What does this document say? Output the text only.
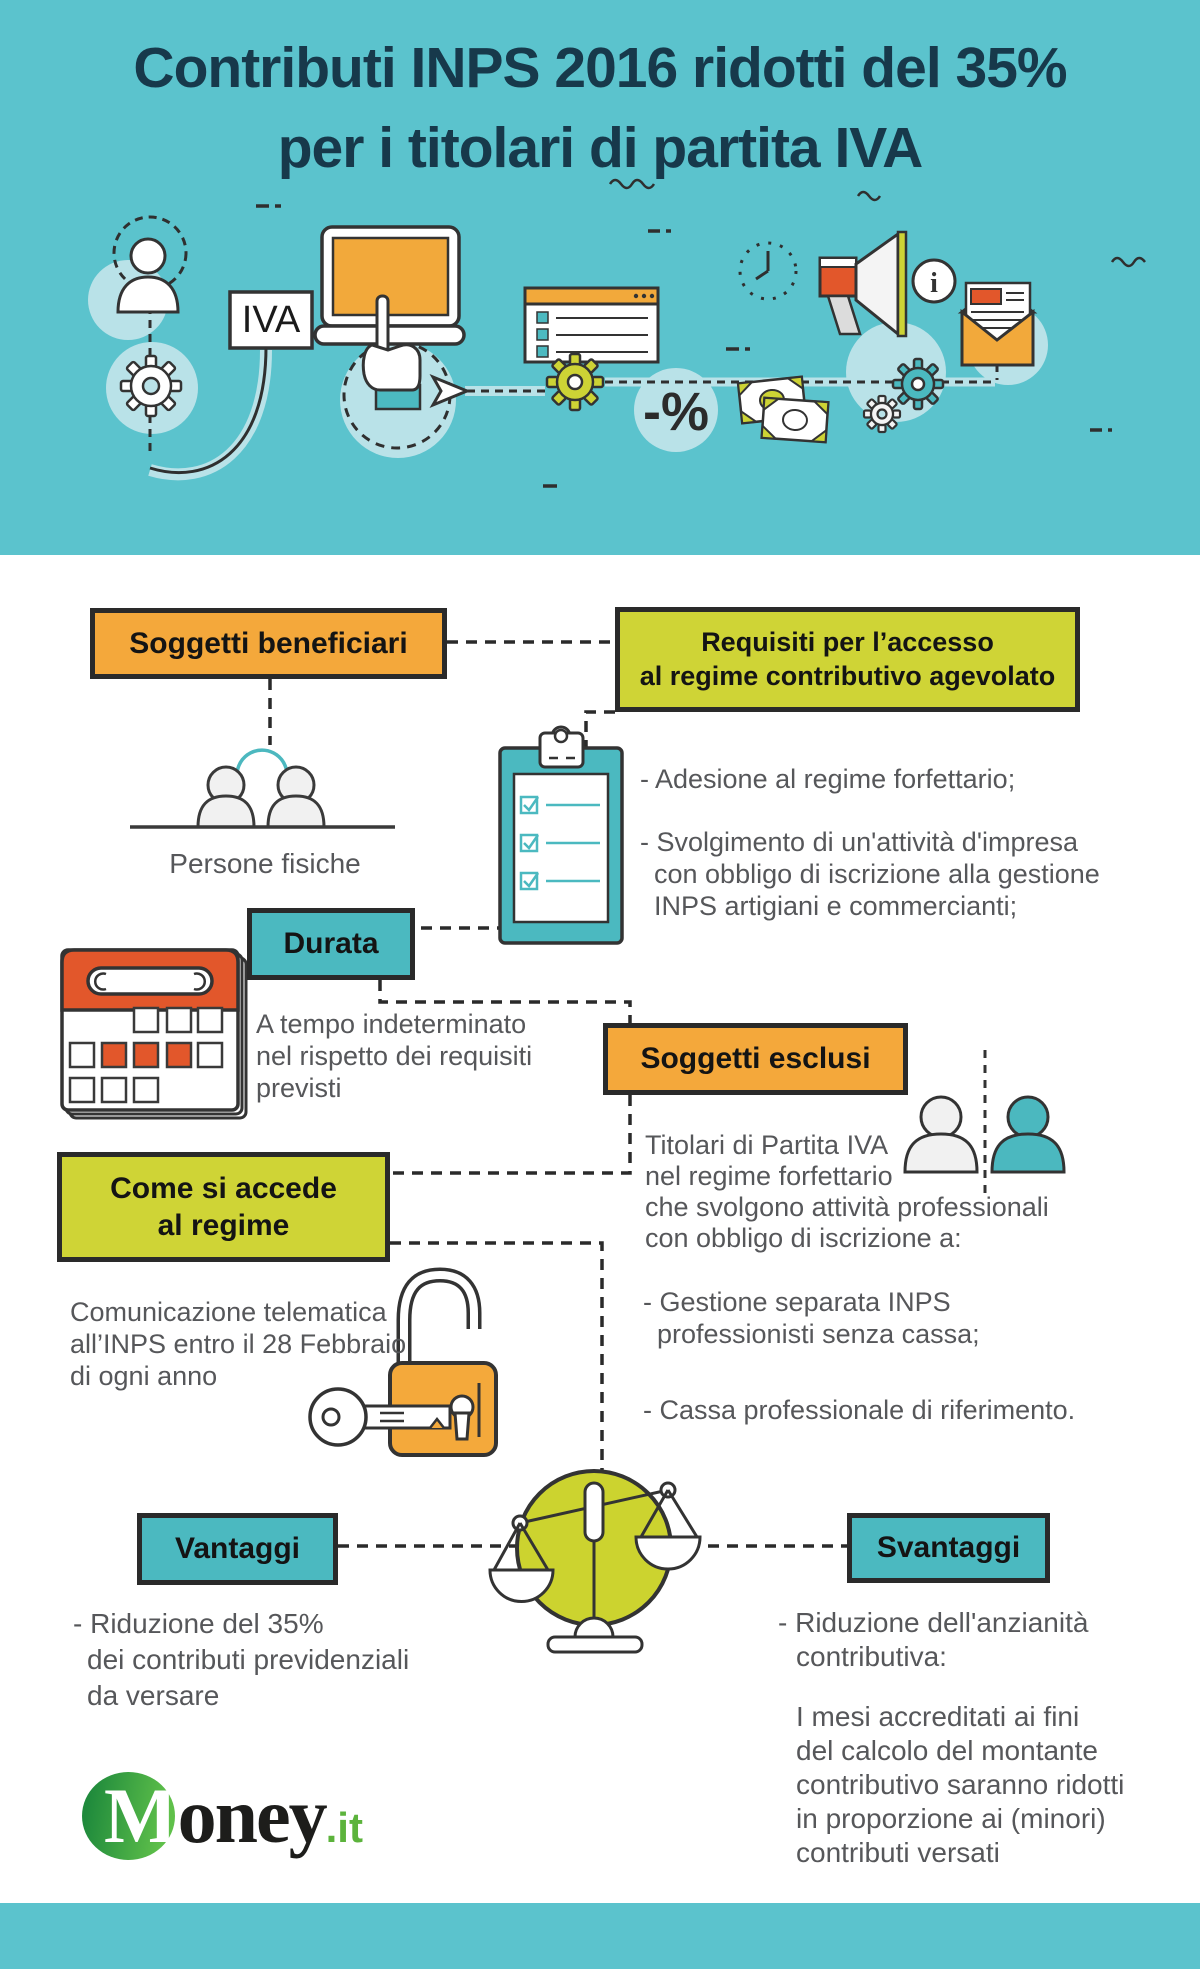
Contributi INPS 2016 ridotti del 35%
per i titolari di partita IVA
IVA
i
-%
Soggetti beneficiari	Requisiti per l’accesso
al regime contributivo agevolato
Durata
Soggetti esclusi
Come si accede
al regime
Vantaggi	Svantaggi
Persone fisiche
- Adesione al regime forfettario;
- Svolgimento di un'attività d'impresa
con obbligo di iscrizione alla gestione
INPS artigiani e commercianti;
A tempo indeterminato
nel rispetto dei requisiti
previsti
Titolari di Partita IVA
nel regime forfettario
che svolgono attività professionali
con obbligo di iscrizione a:
- Gestione separata INPS
professionisti senza cassa;
- Cassa professionale di riferimento.
Comunicazione telematica
all’INPS entro il 28 Febbraio
di ogni anno
- Riduzione del 35%
dei contributi previdenziali
da versare
- Riduzione dell'anzianità
contributiva:
I mesi accreditati ai fini
del calcolo del montante
contributivo saranno ridotti
in proporzione ai (minori)
contributi versati
Money.it
